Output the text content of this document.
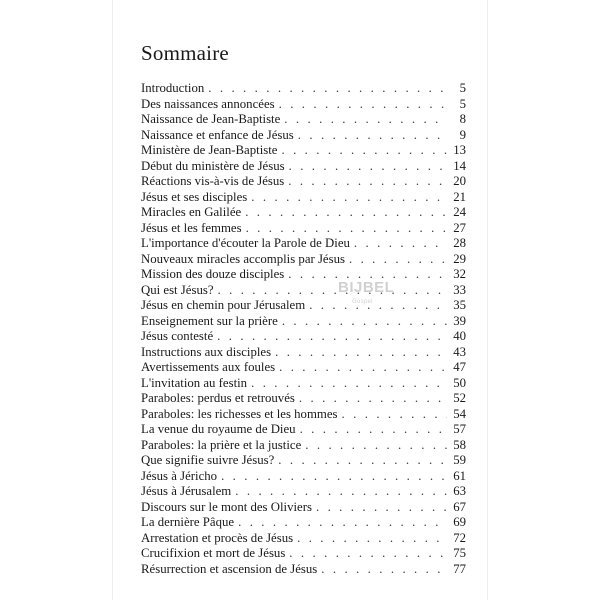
Sommaire
Introduction . . .	5
Des naissances annoncées . . .	5
Naissance de Jean-Baptiste . . .	8
Naissance et enfance de Jésus . . .	9
Ministère de Jean-Baptiste . . .	13
Début du ministère de Jésus . . .	14
Réactions vis-à-vis de Jésus . . .	20
Jésus et ses disciples . . .	21
Miracles en Galilée . . .	24
Jésus et les femmes . . .	27
L'importance d'écouter la Parole de Dieu . . .	28
Nouveaux miracles accomplis par Jésus . . .	29
Mission des douze disciples . . .	32
Qui est Jésus? . . .	33
Jésus en chemin pour Jérusalem . . .	35
Enseignement sur la prière . . .	39
Jésus contesté . . .	40
Instructions aux disciples . . .	43
Avertissements aux foules . . .	47
L'invitation au festin . . .	50
Paraboles: perdus et retrouvés . . .	52
Paraboles: les richesses et les hommes . . .	54
La venue du royaume de Dieu . . .	57
Paraboles: la prière et la justice . . .	58
Que signifie suivre Jésus? . . .	59
Jésus à Jéricho . . .	61
Jésus à Jérusalem . . .	63
Discours sur le mont des Oliviers . . .	67
La dernière Pâque . . .	69
Arrestation et procès de Jésus . . .	72
Crucifixion et mort de Jésus . . .	75
Résurrection et ascension de Jésus . . .	77
BIJBEL
Gospel
